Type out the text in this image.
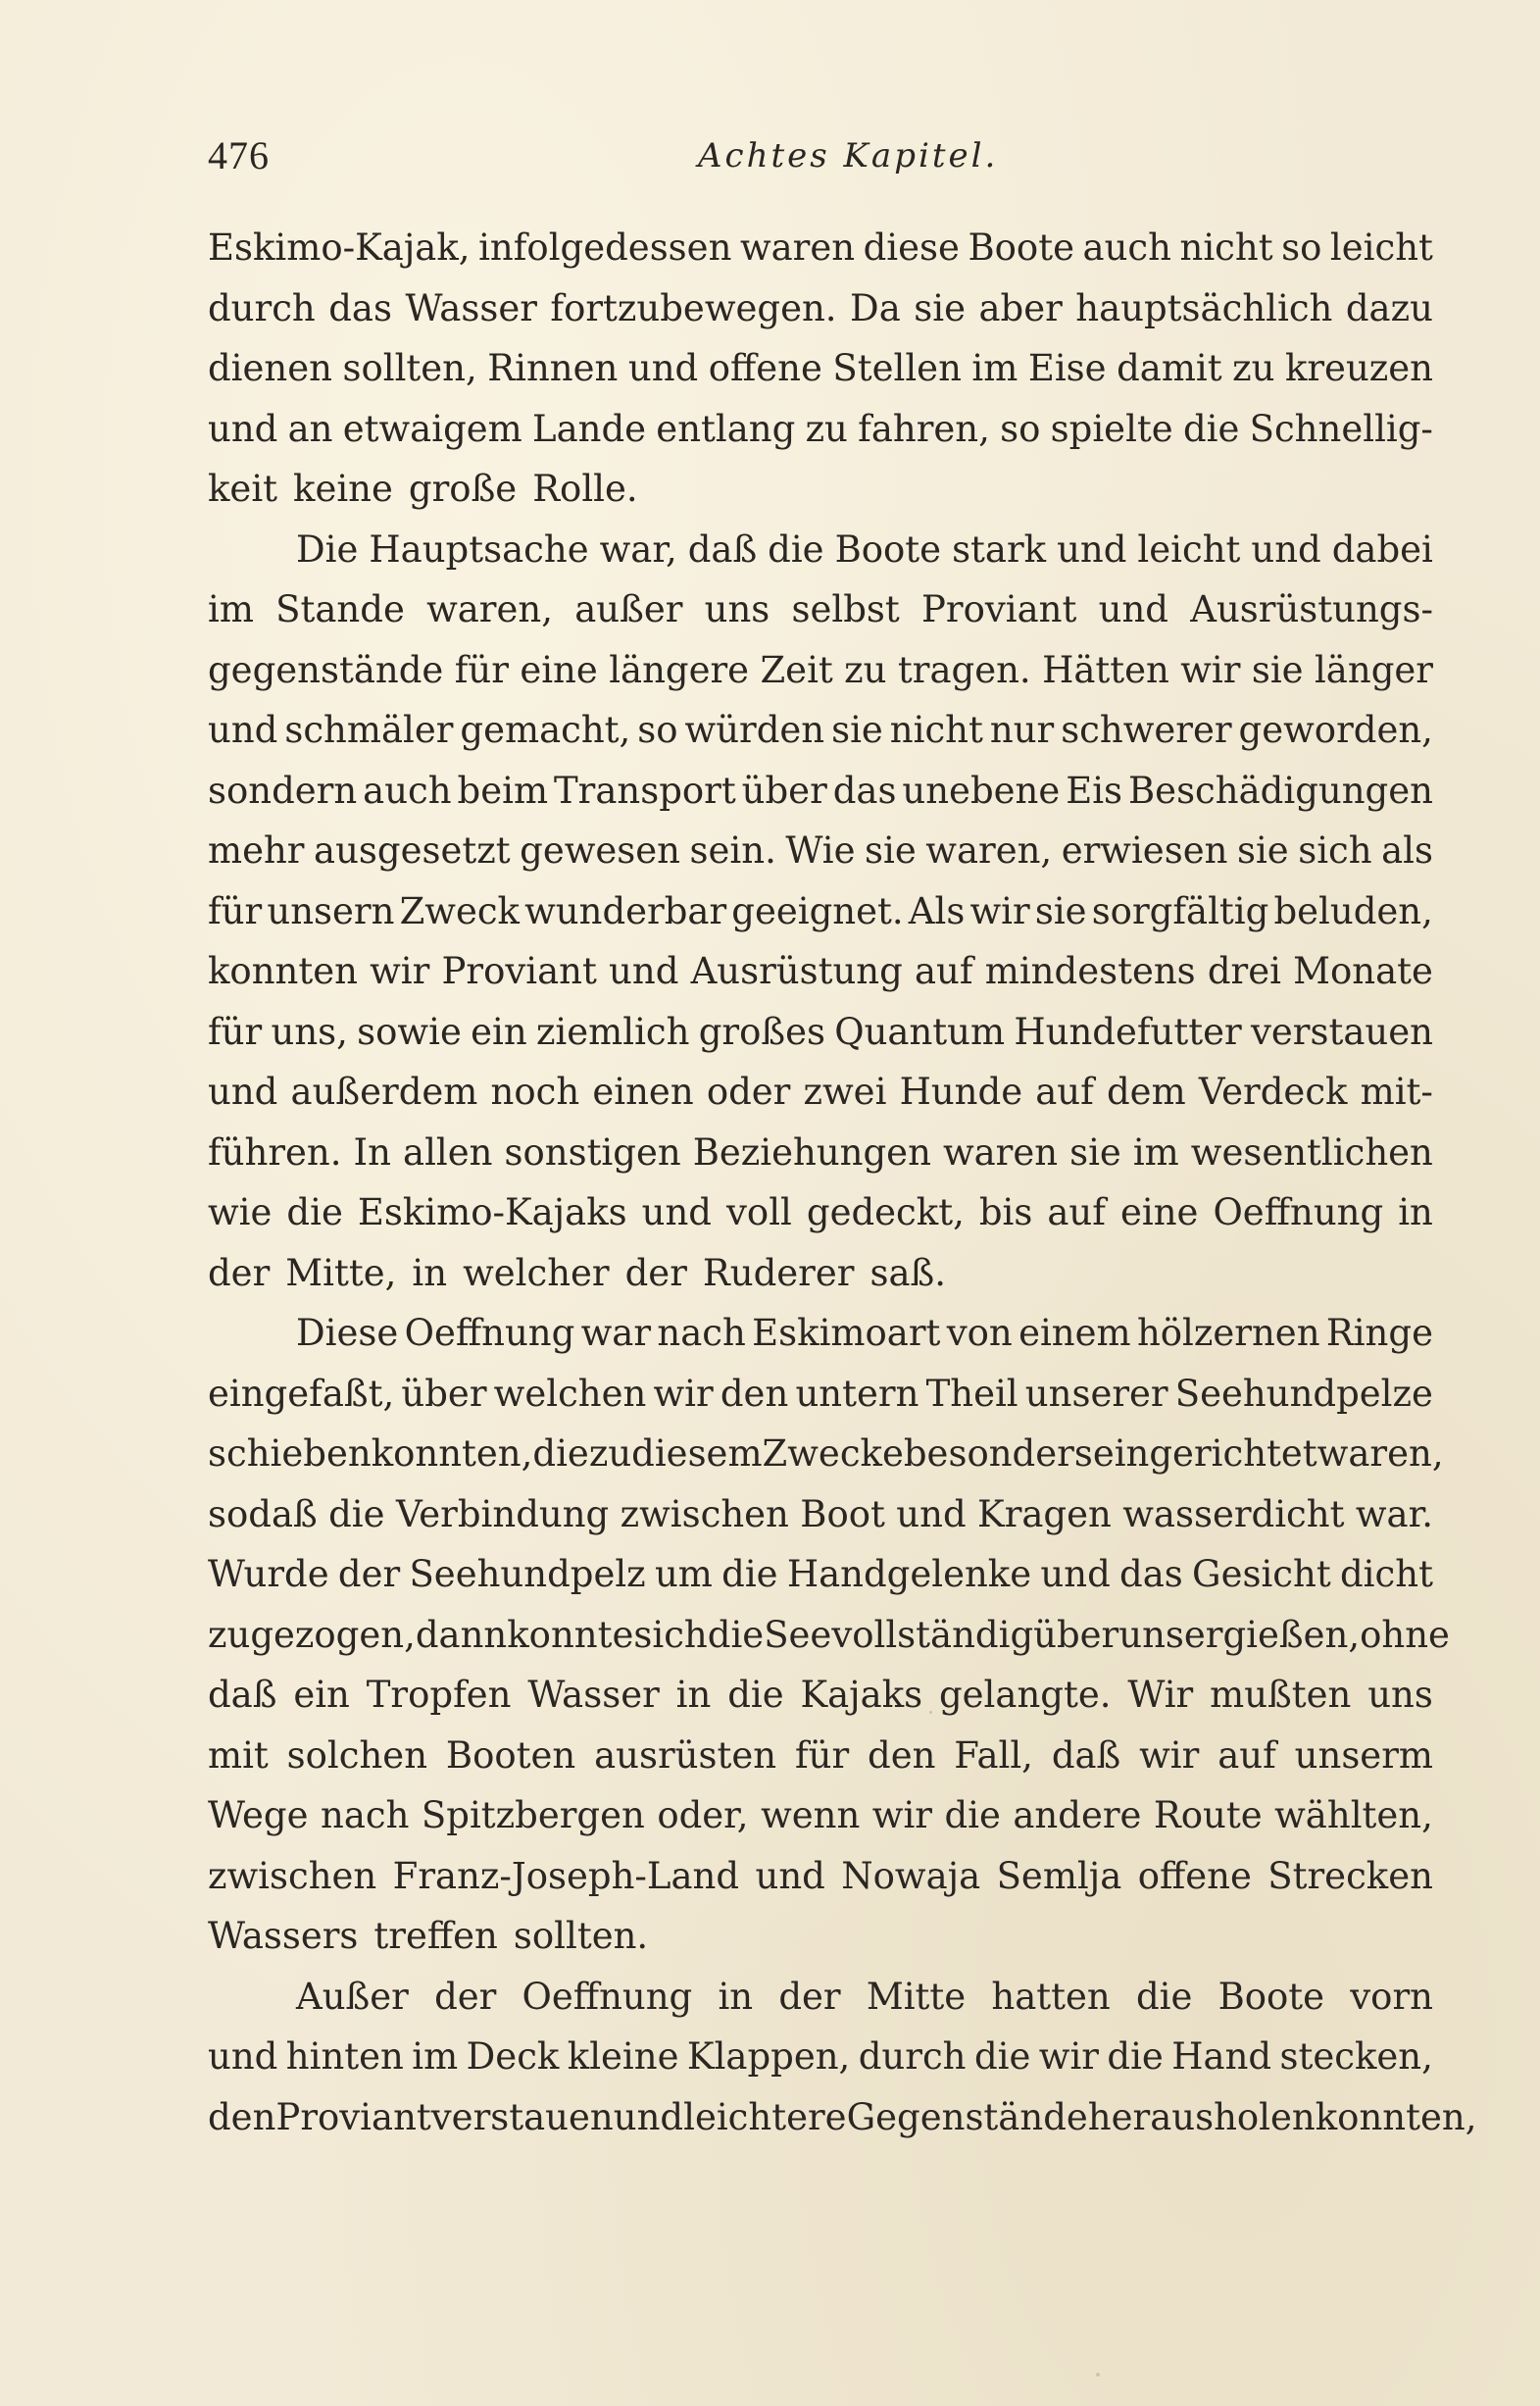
476	Achtes Kapitel.
Eskimo-Kajak, infolgedessen waren diese Boote auch nicht so leicht
durch das Wasser fortzubewegen. Da sie aber hauptsächlich dazu
dienen sollten, Rinnen und offene Stellen im Eise damit zu kreuzen
und an etwaigem Lande entlang zu fahren, so spielte die Schnellig-
keit keine große Rolle.
Die Hauptsache war, daß die Boote stark und leicht und dabei
im Stande waren, außer uns selbst Proviant und Ausrüstungs-
gegenstände für eine längere Zeit zu tragen. Hätten wir sie länger
und schmäler gemacht, so würden sie nicht nur schwerer geworden,
sondern auch beim Transport über das unebene Eis Beschädigungen
mehr ausgesetzt gewesen sein. Wie sie waren, erwiesen sie sich als
für unsern Zweck wunderbar geeignet. Als wir sie sorgfältig beluden,
konnten wir Proviant und Ausrüstung auf mindestens drei Monate
für uns, sowie ein ziemlich großes Quantum Hundefutter verstauen
und außerdem noch einen oder zwei Hunde auf dem Verdeck mit-
führen. In allen sonstigen Beziehungen waren sie im wesentlichen
wie die Eskimo-Kajaks und voll gedeckt, bis auf eine Oeffnung in
der Mitte, in welcher der Ruderer saß.
Diese Oeffnung war nach Eskimoart von einem hölzernen Ringe
eingefaßt, über welchen wir den untern Theil unserer Seehundpelze
schieben konnten, die zu diesem Zwecke besonders eingerichtet waren,
sodaß die Verbindung zwischen Boot und Kragen wasserdicht war.
Wurde der Seehundpelz um die Handgelenke und das Gesicht dicht
zugezogen, dann konnte sich die See vollständig über uns ergießen, ohne
daß ein Tropfen Wasser in die Kajaks gelangte. Wir mußten uns
mit solchen Booten ausrüsten für den Fall, daß wir auf unserm
Wege nach Spitzbergen oder, wenn wir die andere Route wählten,
zwischen Franz-Joseph-Land und Nowaja Semlja offene Strecken
Wassers treffen sollten.
Außer der Oeffnung in der Mitte hatten die Boote vorn
und hinten im Deck kleine Klappen, durch die wir die Hand stecken,
den Proviant verstauen und leichtere Gegenstände herausholen konnten,
